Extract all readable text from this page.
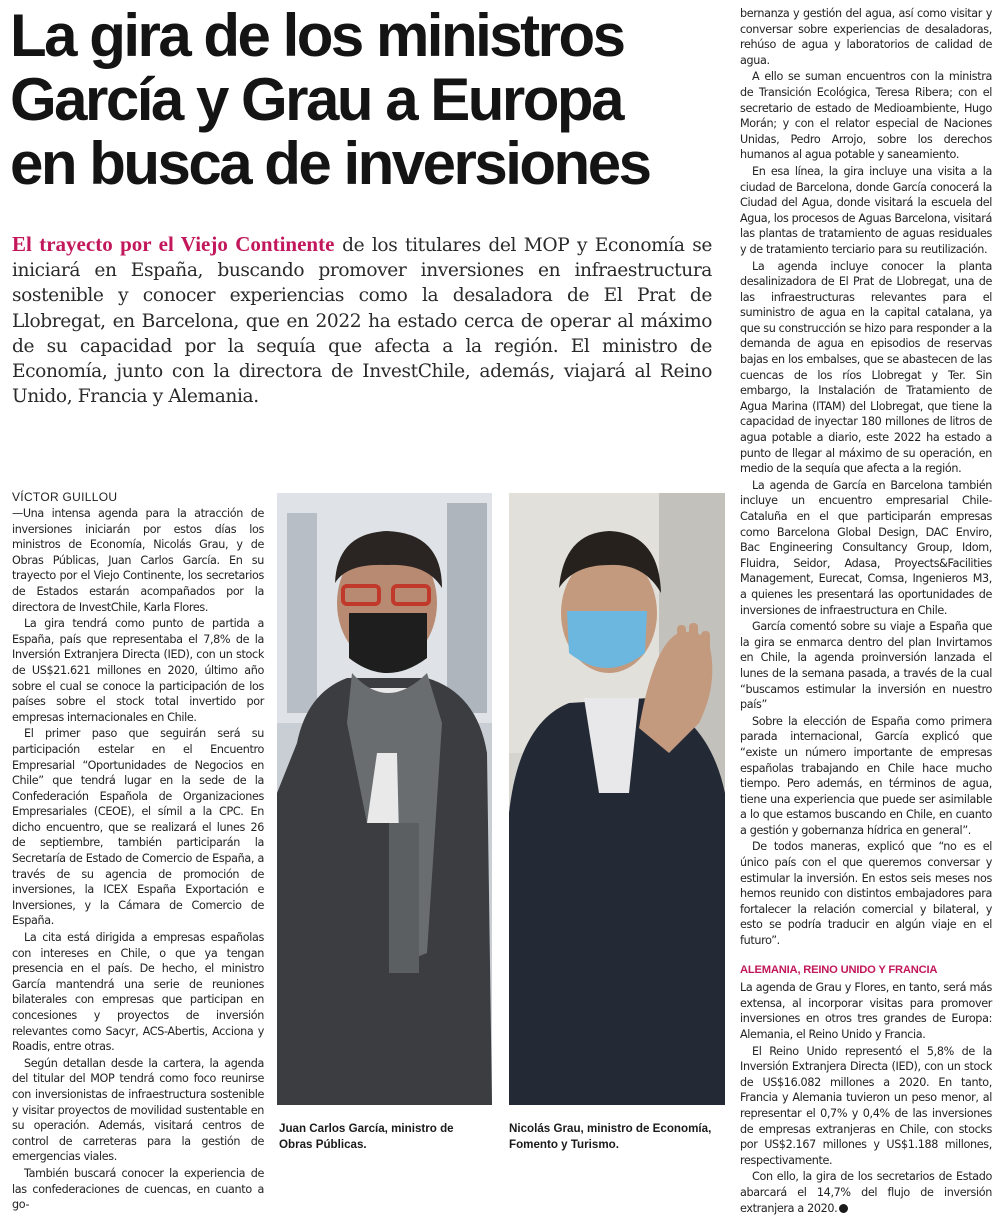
La gira de los ministros García y Grau a Europa en busca de inversiones

El trayecto por el Viejo Continente de los titulares del MOP y Economía se iniciará en España, buscando promover inversiones en infraestructura sostenible y conocer experiencias como la desaladora de El Prat de Llobregat, en Barcelona, que en 2022 ha estado cerca de operar al máximo de su capacidad por la sequía que afecta a la región. El ministro de Economía, junto con la directora de InvestChile, además, viajará al Reino Unido, Francia y Alemania.

VÍCTOR GUILLOU

—Una intensa agenda para la atracción de inversiones iniciarán por estos días los ministros de Economía, Nicolás Grau, y de Obras Públicas, Juan Carlos García. En su trayecto por el Viejo Continente, los secretarios de Estados estarán acompañados por la directora de InvestChile, Karla Flores.

La gira tendrá como punto de partida a España, país que representaba el 7,8% de la Inversión Extranjera Directa (IED), con un stock de US$21.621 millones en 2020, último año sobre el cual se conoce la participación de los países sobre el stock total invertido por empresas internacionales en Chile.

El primer paso que seguirán será su participación estelar en el Encuentro Empresarial “Oportunidades de Negocios en Chile” que tendrá lugar en la sede de la Confederación Española de Organizaciones Empresariales (CEOE), el símil a la CPC. En dicho encuentro, que se realizará el lunes 26 de septiembre, también participarán la Secretaría de Estado de Comercio de España, a través de su agencia de promoción de inversiones, la ICEX España Exportación e Inversiones, y la Cámara de Comercio de España.

La cita está dirigida a empresas españolas con intereses en Chile, o que ya tengan presencia en el país. De hecho, el ministro García mantendrá una serie de reuniones bilaterales con empresas que participan en concesiones y proyectos de inversión relevantes como Sacyr, ACS-Abertis, Acciona y Roadis, entre otras.

Según detallan desde la cartera, la agenda del titular del MOP tendrá como foco reunirse con inversionistas de infraestructura sostenible y visitar proyectos de movilidad sustentable en su operación. Además, visitará centros de control de carreteras para la gestión de emergencias viales.

También buscará conocer la experiencia de las confederaciones de cuencas, en cuanto a go-

Juan Carlos García, ministro de Obras Públicas.

Nicolás Grau, ministro de Economía, Fomento y Turismo.

bernanza y gestión del agua, así como visitar y conversar sobre experiencias de desaladoras, rehúso de agua y laboratorios de calidad de agua.

A ello se suman encuentros con la ministra de Transición Ecológica, Teresa Ribera; con el secretario de estado de Medioambiente, Hugo Morán; y con el relator especial de Naciones Unidas, Pedro Arrojo, sobre los derechos humanos al agua potable y saneamiento.

En esa línea, la gira incluye una visita a la ciudad de Barcelona, donde García conocerá la Ciudad del Agua, donde visitará la escuela del Agua, los procesos de Aguas Barcelona, visitará las plantas de tratamiento de aguas residuales y de tratamiento terciario para su reutilización.

La agenda incluye conocer la planta desalinizadora de El Prat de Llobregat, una de las infraestructuras relevantes para el suministro de agua en la capital catalana, ya que su construcción se hizo para responder a la demanda de agua en episodios de reservas bajas en los embalses, que se abastecen de las cuencas de los ríos Llobregat y Ter. Sin embargo, la Instalación de Tratamiento de Agua Marina (ITAM) del Llobregat, que tiene la capacidad de inyectar 180 millones de litros de agua potable a diario, este 2022 ha estado a punto de llegar al máximo de su operación, en medio de la sequía que afecta a la región.

La agenda de García en Barcelona también incluye un encuentro empresarial Chile-Cataluña en el que participarán empresas como Barcelona Global Design, DAC Enviro, Bac Engineering Consultancy Group, Idom, Fluidra, Seidor, Adasa, Proyects&Facilities Management, Eurecat, Comsa, Ingenieros M3, a quienes les presentará las oportunidades de inversiones de infraestructura en Chile.

García comentó sobre su viaje a España que la gira se enmarca dentro del plan Invirtamos en Chile, la agenda proinversión lanzada el lunes de la semana pasada, a través de la cual “buscamos estimular la inversión en nuestro país”

Sobre la elección de España como primera parada internacional, García explicó que “existe un número importante de empresas españolas trabajando en Chile hace mucho tiempo. Pero además, en términos de agua, tiene una experiencia que puede ser asimilable a lo que estamos buscando en Chile, en cuanto a gestión y gobernanza hídrica en general”.

De todos maneras, explicó que “no es el único país con el que queremos conversar y estimular la inversión. En estos seis meses nos hemos reunido con distintos embajadores para fortalecer la relación comercial y bilateral, y esto se podría traducir en algún viaje en el futuro”.

ALEMANIA, REINO UNIDO Y FRANCIA

La agenda de Grau y Flores, en tanto, será más extensa, al incorporar visitas para promover inversiones en otros tres grandes de Europa: Alemania, el Reino Unido y Francia.

El Reino Unido representó el 5,8% de la Inversión Extranjera Directa (IED), con un stock de US$16.082 millones a 2020. En tanto, Francia y Alemania tuvieron un peso menor, al representar el 0,7% y 0,4% de las inversiones de empresas extranjeras en Chile, con stocks por US$2.167 millones y US$1.188 millones, respectivamente.

Con ello, la gira de los secretarios de Estado abarcará el 14,7% del flujo de inversión extranjera a 2020.
